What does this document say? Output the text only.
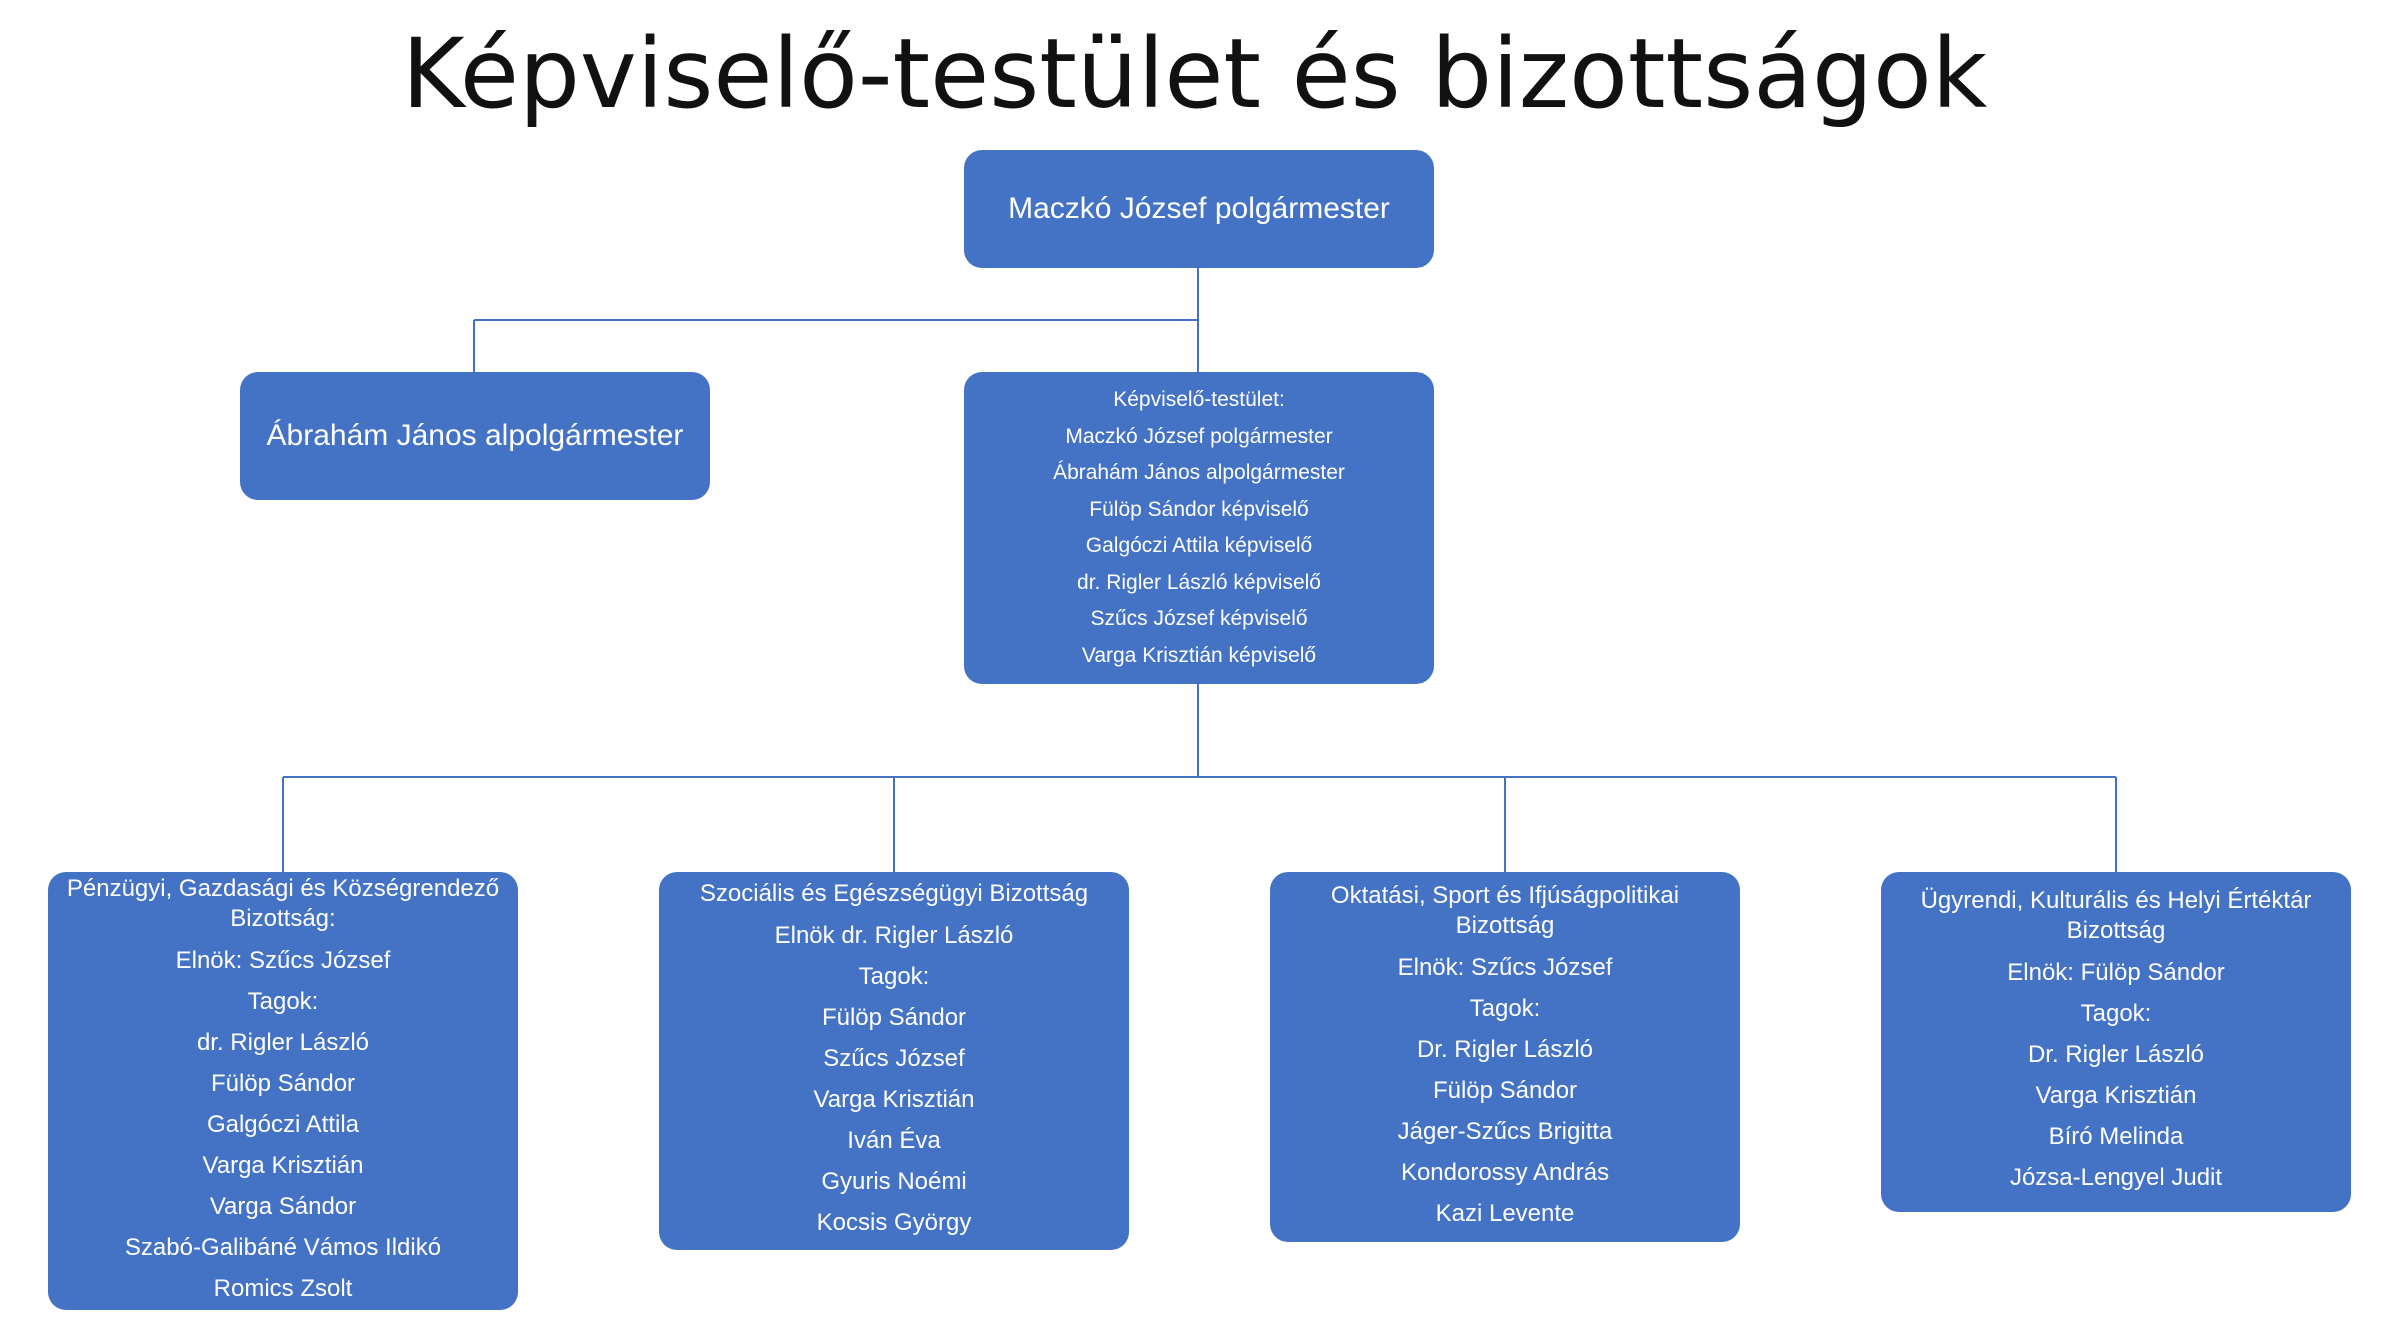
Képviselő-testület és bizottságok
Maczkó József polgármester
Ábrahám János alpolgármester
Képviselő-testület:
Maczkó József polgármester
Ábrahám János alpolgármester
Fülöp Sándor képviselő
Galgóczi Attila képviselő
dr. Rigler László képviselő
Szűcs József képviselő
Varga Krisztián képviselő
Pénzügyi, Gazdasági és Községrendező Bizottság:
Elnök: Szűcs József
Tagok:
dr. Rigler László
Fülöp Sándor
Galgóczi Attila
Varga Krisztián
Varga Sándor
Szabó-Galibáné Vámos Ildikó
Romics Zsolt
Szociális és Egészségügyi Bizottság
Elnök dr. Rigler László
Tagok:
Fülöp Sándor
Szűcs József
Varga Krisztián
Iván Éva
Gyuris Noémi
Kocsis György
Oktatási, Sport és Ifjúságpolitikai Bizottság
Elnök: Szűcs József
Tagok:
Dr. Rigler László
Fülöp Sándor
Jáger-Szűcs Brigitta
Kondorossy András
Kazi Levente
Ügyrendi, Kulturális és Helyi Értéktár Bizottság
Elnök: Fülöp Sándor
Tagok:
Dr. Rigler László
Varga Krisztián
Bíró Melinda
Józsa-Lengyel Judit
